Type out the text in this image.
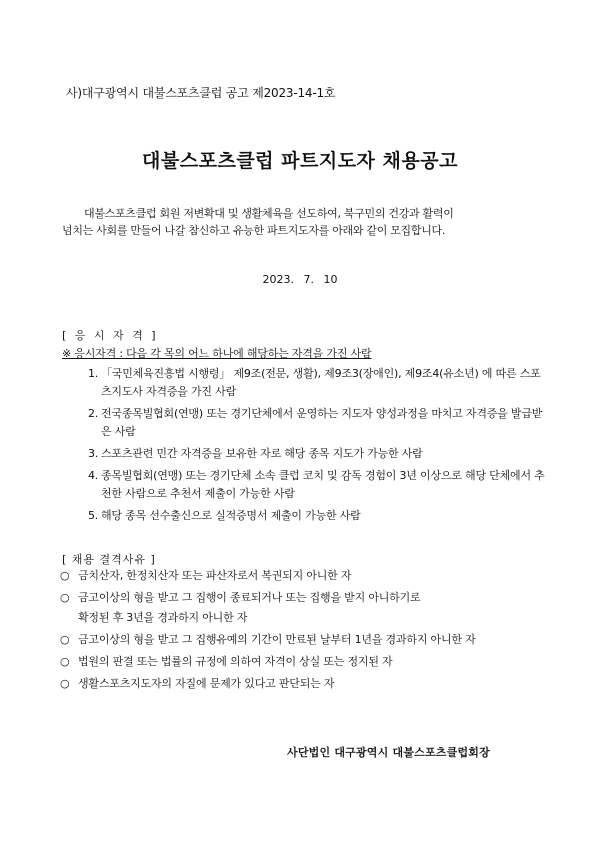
사)대구광역시 대불스포츠클럽 공고 제2023-14-1호
대불스포츠클럽 파트지도자 채용공고
대불스포츠클럽 회원 저변확대 및 생활체육을 선도하여, 북구민의 건강과 활력이
넘치는 사회를 만들어 나갈 참신하고 유능한 파트지도자를 아래와 같이 모집합니다.
2023. 7. 10
[ 응 시 자 격 ]
※ 응시자격 : 다음 각 목의 어느 하나에 해당하는 자격을 가진 사람
1. 「국민체육진흥법 시행령」 제9조(전문, 생활), 제9조3(장애인), 제9조4(유소년) 에 따른 스포츠지도사 자격증을 가진 사람
2. 전국종목빌협회(연맹) 또는 경기단체에서 운영하는 지도자 양성과정을 마치고 자격증을 발급받은 사람
3. 스포츠관련 민간 자격증을 보유한 자로 해당 종목 지도가 가능한 사람
4. 종목빌협회(연맹) 또는 경기단체 소속 클럽 코치 및 감독 경험이 3년 이상으로 해당 단체에서 추천한 사람으로 추천서 제출이 가능한 사람
5. 해당 종목 선수출신으로 실적증명서 제출이 가능한 사람
[ 채용 결격사유 ]
○ 금치산자, 한정치산자 또는 파산자로서 복권되지 아니한 자
○ 금고이상의 형을 받고 그 집행이 종료되거나 또는 집행을 받지 아니하기로
확정된 후 3년을 경과하지 아니한 자
○ 금고이상의 형을 받고 그 집행유예의 기간이 만료된 날부터 1년을 경과하지 아니한 자
○ 법원의 판결 또는 법률의 규정에 의하여 자격이 상실 또는 정지된 자
○ 생활스포츠지도자의 자질에 문제가 있다고 판단되는 자
사단법인 대구광역시 대불스포츠클럽회장
